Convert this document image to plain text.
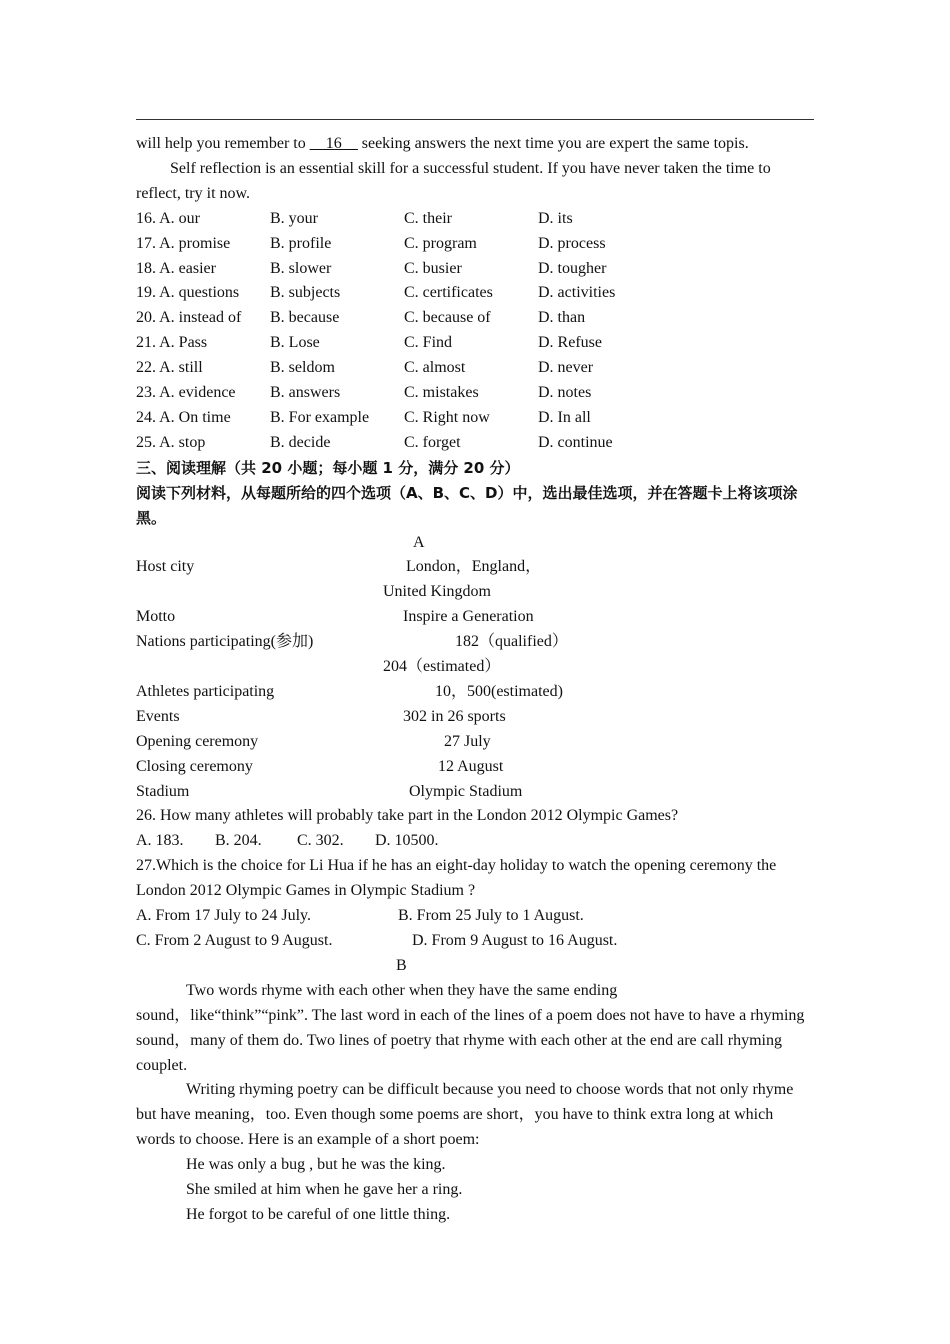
will help you remember to __16__ seeking answers the next time you are expert the same topis.
Self reflection is an essential skill for a successful student. If you have never taken the time to reflect, try it now.
16. A. our	B. your	C. their	D. its
17. A. promise	B. profile	C. program	D. process
18. A. easier	B. slower	C. busier	D. tougher
19. A. questions	B. subjects	C. certificates	D. activities
20. A. instead of	B. because	C. because of	D. than
21. A. Pass	B. Lose	C. Find	D. Refuse
22. A. still	B. seldom	C. almost	D. never
23. A. evidence	B. answers	C. mistakes	D. notes
24. A. On time	B. For example	C. Right now	D. In all
25. A. stop	B. decide	C. forget	D. continue
三、阅读理解（共 20 小题；每小题 1 分，满分 20 分）
阅读下列材料，从每题所给的四个选项（A、B、C、D）中，选出最佳选项，并在答题卡上将该项涂黑。
A
Host city	London，England，
United Kingdom
Motto	Inspire a Generation
Nations participating(参加)	182（qualified）
204（estimated）
Athletes participating	10，500(estimated)
Events	302 in 26 sports
Opening ceremony	27 July
Closing ceremony	12 August
Stadium	Olympic Stadium
26. How many athletes will probably take part in the London 2012 Olympic Games?
A. 183. B. 204. C. 302. D. 10500.
27.Which is the choice for Li Hua if he has an eight-day holiday to watch the opening ceremony the London 2012 Olympic Games in Olympic Stadium ?
A. From 17 July to 24 July.	B. From 25 July to 1 August.
C. From 2 August to 9 August.	D. From 9 August to 16 August.
B
Two words rhyme with each other when they have the same ending
sound，like“think”“pink”. The last word in each of the lines of a poem does not have to have a rhyming sound，many of them do. Two lines of poetry that rhyme with each other at the end are call rhyming couplet.
Writing rhyming poetry can be difficult because you need to choose words that not only rhyme but have meaning，too. Even though some poems are short，you have to think extra long at which words to choose. Here is an example of a short poem:
He was only a bug , but he was the king.
She smiled at him when he gave her a ring.
He forgot to be careful of one little thing.
